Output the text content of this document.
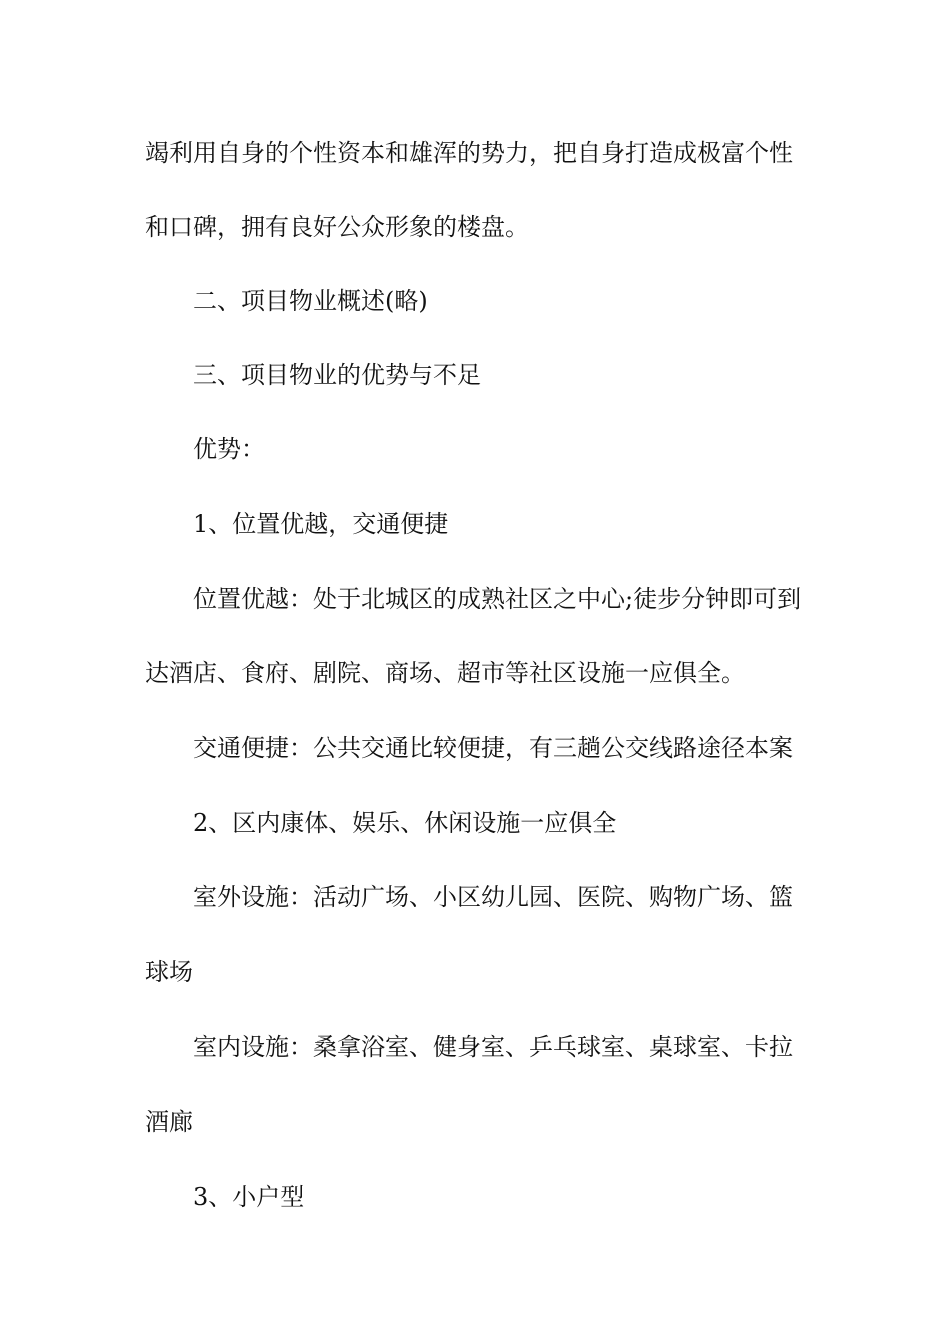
竭利用自身的个性资本和雄浑的势力，把自身打造成极富个性
和口碑，拥有良好公众形象的楼盘。
二、项目物业概述(略)
三、项目物业的优势与不足
优势：
1、位置优越，交通便捷
位置优越：处于北城区的成熟社区之中心;徒步分钟即可到
达酒店、食府、剧院、商场、超市等社区设施一应俱全。
交通便捷：公共交通比较便捷，有三趟公交线路途径本案
2、区内康体、娱乐、休闲设施一应俱全
室外设施：活动广场、小区幼儿园、医院、购物广场、篮
球场
室内设施：桑拿浴室、健身室、乒乓球室、桌球室、卡拉
酒廊
3、小户型
